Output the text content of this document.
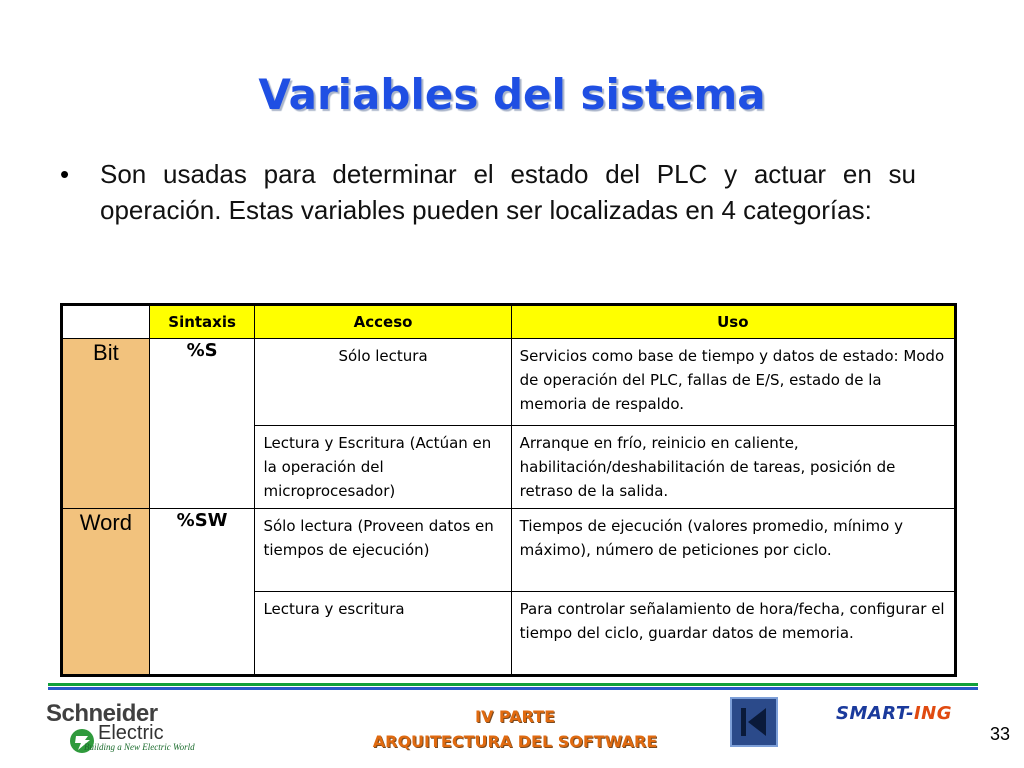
Variables del sistema
• Son usadas para determinar el estado del PLC y actuar en su operación. Estas variables pueden ser localizadas en 4 categorías:
	Sintaxis	Acceso	Uso
Bit	%S	Sólo lectura	Servicios como base de tiempo y datos de estado: Modo de operación del PLC, fallas de E/S, estado de la memoria de respaldo.
		Lectura y Escritura (Actúan en la operación del microprocesador)	Arranque en frío, reinicio en caliente, habilitación/deshabilitación de tareas, posición de retraso de la salida.
Word	%SW	Sólo lectura (Proveen datos en tiempos de ejecución)	Tiempos de ejecución (valores promedio, mínimo y máximo), número de peticiones por ciclo.
		Lectura y escritura	Para controlar señalamiento de hora/fecha, configurar el tiempo del ciclo, guardar datos de memoria.
Schneider
Electric
Building a New Electric World
IV PARTE
ARQUITECTURA DEL SOFTWARE
SMART-ING
33
